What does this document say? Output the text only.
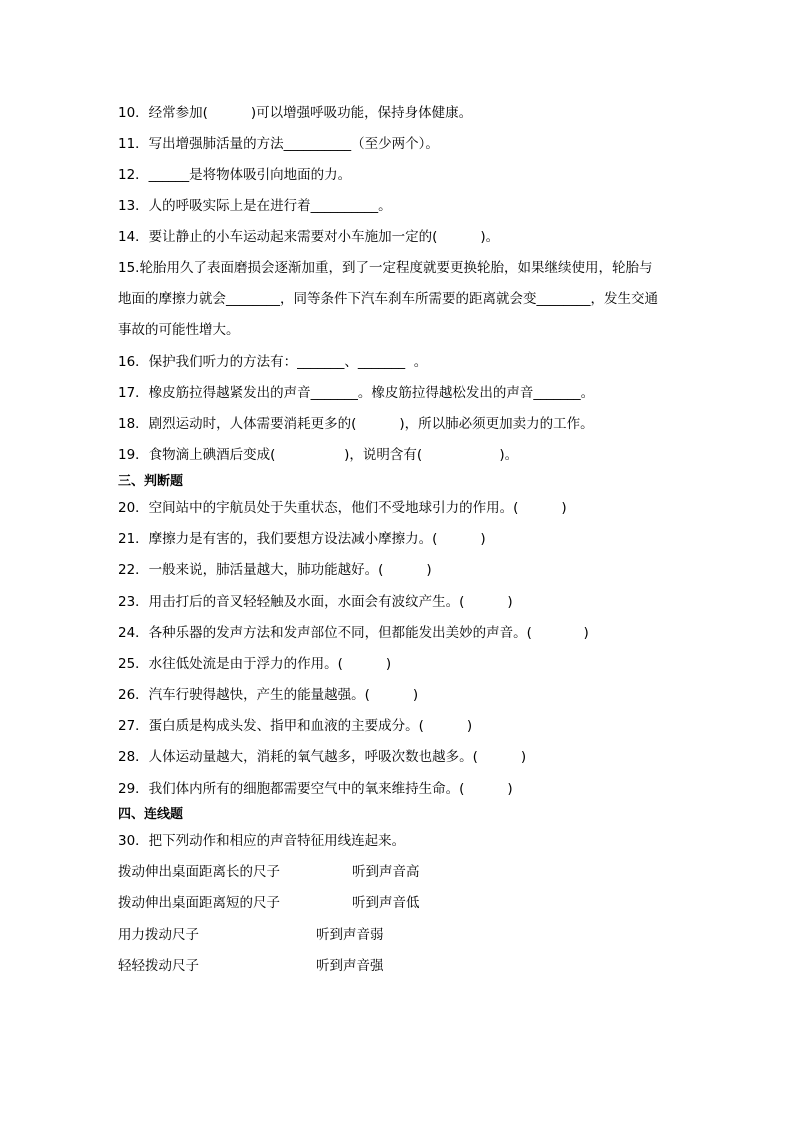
10．经常参加(          )可以增强呼吸功能，保持身体健康。
11．写出增强肺活量的方法__________（至少两个）。
12．______是将物体吸引向地面的力。
13．人的呼吸实际上是在进行着__________。
14．要让静止的小车运动起来需要对小车施加一定的(          )。
15.轮胎用久了表面磨损会逐渐加重，到了一定程度就要更换轮胎，如果继续使用，轮胎与
地面的摩擦力就会________，同等条件下汽车刹车所需要的距离就会变________，发生交通
事故的可能性增大。
16．保护我们听力的方法有：_______、_______  。
17．橡皮筋拉得越紧发出的声音_______。橡皮筋拉得越松发出的声音_______。
18．剧烈运动时，人体需要消耗更多的(          )，所以肺必须更加卖力的工作。
19．食物滴上碘酒后变成(                )，说明含有(                  )。
三、判断题
20．空间站中的宇航员处于失重状态，他们不受地球引力的作用。(          )
21．摩擦力是有害的，我们要想方设法减小摩擦力。(          )
22．一般来说，肺活量越大，肺功能越好。(          )
23．用击打后的音叉轻轻触及水面，水面会有波纹产生。(          )
24．各种乐器的发声方法和发声部位不同，但都能发出美妙的声音。(            )
25．水往低处流是由于浮力的作用。(          )
26．汽车行驶得越快，产生的能量越强。(          )
27．蛋白质是构成头发、指甲和血液的主要成分。(          )
28．人体运动量越大，消耗的氧气越多，呼吸次数也越多。(          )
29．我们体内所有的细胞都需要空气中的氧来维持生命。(          )
四、连线题
30．把下列动作和相应的声音特征用线连起来。
拨动伸出桌面距离长的尺子	听到声音高
拨动伸出桌面距离短的尺子	听到声音低
用力拨动尺子	听到声音弱
轻轻拨动尺子	听到声音强
